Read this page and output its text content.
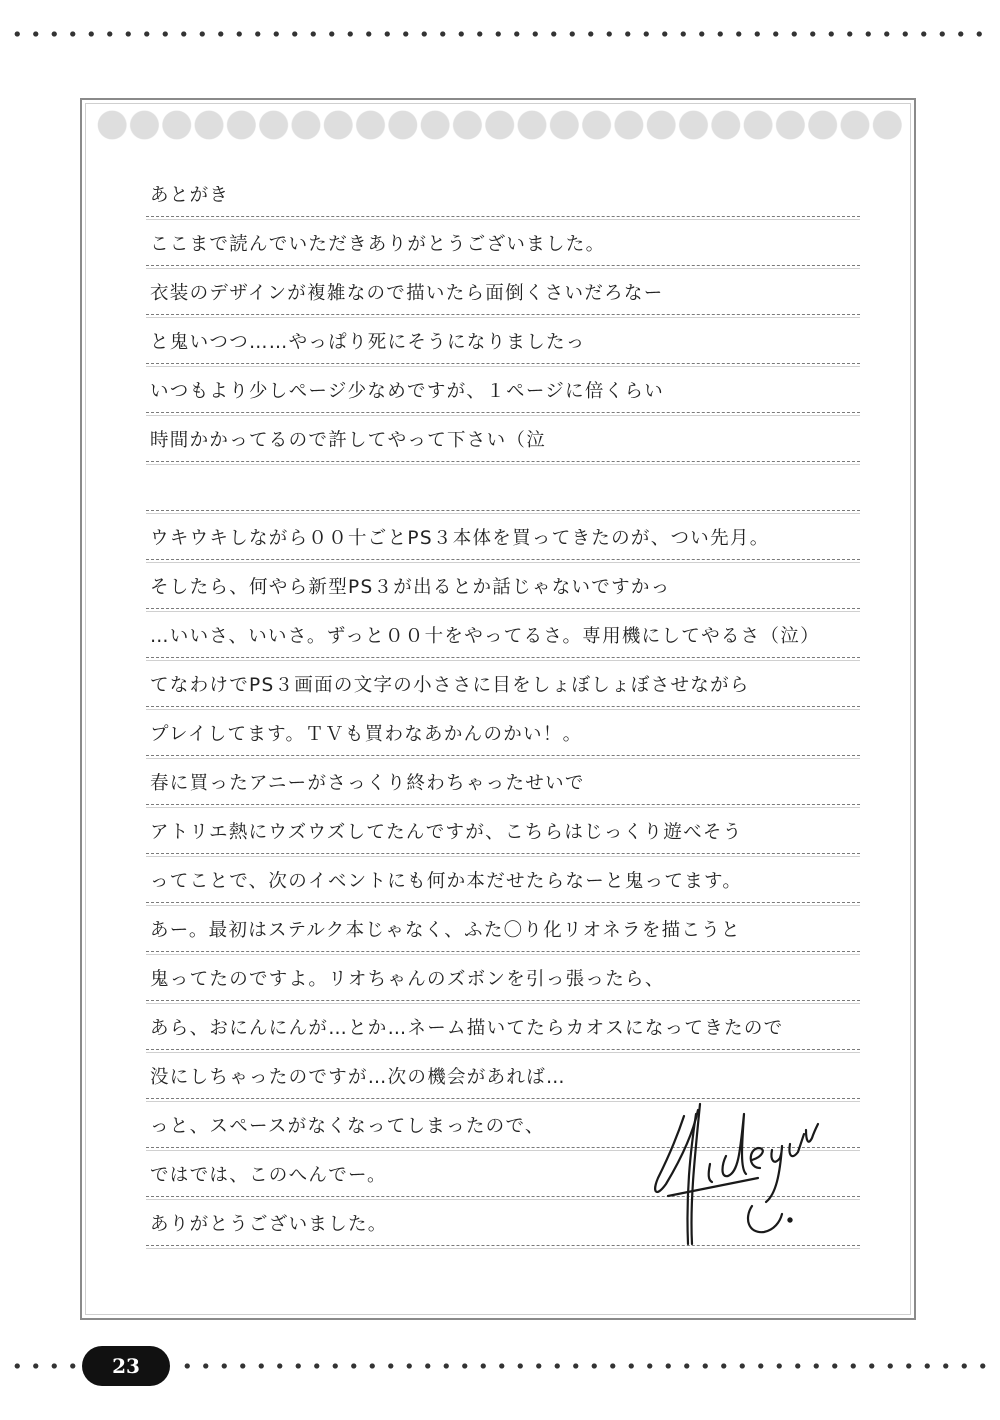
あとがき
ここまで読んでいただきありがとうございました。
衣装のデザインが複雑なので描いたら面倒くさいだろなー
と鬼いつつ……やっぱり死にそうになりましたっ
いつもより少しページ少なめですが、１ページに倍くらい
時間かかってるので許してやって下さい（泣
ウキウキしながら００十ごとPS３本体を買ってきたのが、つい先月。
そしたら、何やら新型PS３が出るとか話じゃないですかっ
…いいさ、いいさ。ずっと００十をやってるさ。専用機にしてやるさ（泣）
てなわけでPS３画面の文字の小ささに目をしょぼしょぼさせながら
プレイしてます。ＴＶも買わなあかんのかい！。
春に買ったアニーがさっくり終わちゃったせいで
アトリエ熱にウズウズしてたんですが、こちらはじっくり遊べそう
ってことで、次のイベントにも何か本だせたらなーと鬼ってます。
あー。最初はステルク本じゃなく、ふた〇り化リオネラを描こうと
鬼ってたのですよ。リオちゃんのズボンを引っ張ったら、
あら、おにんにんが…とか…ネーム描いてたらカオスになってきたので
没にしちゃったのですが…次の機会があれば…
っと、スペースがなくなってしまったので、
ではでは、このへんでー。
ありがとうございました。
23
